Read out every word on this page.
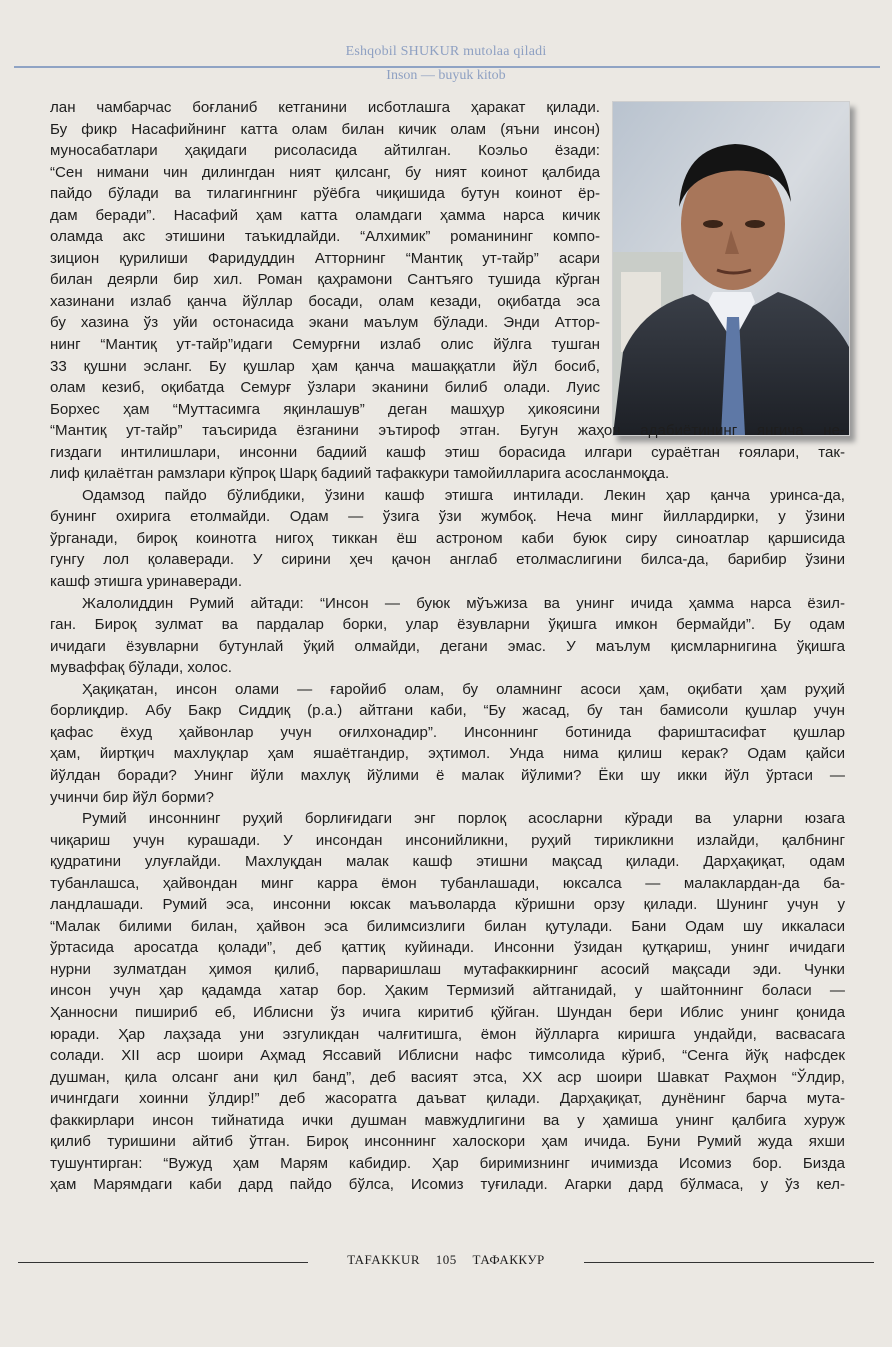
Eshqobil SHUKUR mutolaa qiladi
Inson — buyuk kitob
лан чамбарчас боғланиб кетганини исботлашга ҳаракат қилади.
Бу фикр Насафийнинг катта олам билан кичик олам (яъни инсон)
муносабатлари ҳақидаги рисоласида айтилган. Коэльо ёзади:
“Сен нимани чин дилингдан ният қилсанг, бу ният коинот қалбида
пайдо бўлади ва тилагингнинг рўёбга чиқишида бутун коинот ёр-
дам беради”. Насафий ҳам катта оламдаги ҳамма нарса кичик
оламда акс этишини таъкидлайди. “Алхимик” романининг компо-
зицион қурилиши Фаридуддин Атторнинг “Мантиқ ут-тайр” асари
билан деярли бир хил. Роман қаҳрамони Сантъяго тушида кўрган
хазинани излаб қанча йўллар босади, олам кезади, оқибатда эса
бу хазина ўз уйи остонасида экани маълум бўлади. Энди Аттор-
нинг “Мантиқ ут-тайр”идаги Семурғни излаб олис йўлга тушган
33 қушни эсланг. Бу қушлар ҳам қанча машаққатли йўл босиб,
олам кезиб, оқибатда Семурғ ўзлари эканини билиб олади. Луис
Борхес ҳам “Муттасимга яқинлашув” деган машҳур ҳикоясини
“Мантиқ ут-тайр” таъсирида ёзганини эътироф этган. Бугун жаҳон адабиётининг янгича не-
гиздаги интилишлари, инсонни бадиий кашф этиш борасида илгари сураётган ғоялари, так-
лиф қилаётган рамзлари кўпроқ Шарқ бадиий тафаккури тамойилларига асосланмоқда.
Одамзод пайдо бўлибдики, ўзини кашф этишга интилади. Лекин ҳар қанча уринса-да,
бунинг охирига етолмайди. Одам — ўзига ўзи жумбоқ. Неча минг йиллардирки, у ўзини
ўрганади, бироқ коинотга нигоҳ тиккан ёш астроном каби буюк сиру синоатлар қаршисида
гунгу лол қолаверади. У сирини ҳеч қачон англаб етолмаслигини билса-да, барибир ўзини
кашф этишга уринаверади.
Жалолиддин Румий айтади: “Инсон — буюк мўъжиза ва унинг ичида ҳамма нарса ёзил-
ган. Бироқ зулмат ва пардалар борки, улар ёзувларни ўқишга имкон бермайди”. Бу одам
ичидаги ёзувларни бутунлай ўқий олмайди, дегани эмас. У маълум қисмларнигина ўқишга
муваффақ бўлади, холос.
Ҳақиқатан, инсон олами — ғаройиб олам, бу оламнинг асоси ҳам, оқибати ҳам руҳий
борлиқдир. Абу Бакр Сиддиқ (р.а.) айтгани каби, “Бу жасад, бу тан бамисоли қушлар учун
қафас ёхуд ҳайвонлар учун оғилхонадир”. Инсоннинг ботинида фариштасифат қушлар
ҳам, йиртқич махлуқлар ҳам яшаётгандир, эҳтимол. Унда нима қилиш керак? Одам қайси
йўлдан боради? Унинг йўли махлуқ йўлими ё малак йўлими? Ёки шу икки йўл ўртаси —
учинчи бир йўл борми?
Румий инсоннинг руҳий борлиғидаги энг порлоқ асосларни кўради ва уларни юзага
чиқариш учун курашади. У инсондан инсонийликни, руҳий тирикликни излайди, қалбнинг
қудратини улуғлайди. Махлуқдан малак кашф этишни мақсад қилади. Дарҳақиқат, одам
тубанлашса, ҳайвондан минг карра ёмон тубанлашади, юксалса — малаклардан-да ба-
ландлашади. Румий эса, инсонни юксак маъволарда кўришни орзу қилади. Шунинг учун у
“Малак билими билан, ҳайвон эса билимсизлиги билан қутулади. Бани Одам шу иккаласи
ўртасида аросатда қолади”, деб қаттиқ куйинади. Инсонни ўзидан қутқариш, унинг ичидаги
нурни зулматдан ҳимоя қилиб, парваришлаш мутафаккирнинг асосий мақсади эди. Чунки
инсон учун ҳар қадамда хатар бор. Ҳаким Термизий айтганидай, у шайтоннинг боласи —
Ҳанносни пишириб еб, Иблисни ўз ичига киритиб қўйган. Шундан бери Иблис унинг қонида
юради. Ҳар лаҳзада уни эзгуликдан чалғитишга, ёмон йўлларга киришга ундайди, васвасага
солади. XII аср шоири Аҳмад Яссавий Иблисни нафс тимсолида кўриб, “Сенга йўқ нафсдек
душман, қила олсанг ани қил банд”, деб васият этса, XX аср шоири Шавкат Раҳмон “Ўлдир,
ичингдаги хоинни ўлдир!” деб жасоратга даъват қилади. Дарҳақиқат, дунёнинг барча мута-
факкирлари инсон тийнатида ички душман мавжудлигини ва у ҳамиша унинг қалбига хуруж
қилиб туришини айтиб ўтган. Бироқ инсоннинг халоскори ҳам ичида. Буни Румий жуда яхши
тушунтирган: “Вужуд ҳам Марям кабидир. Ҳар биримизнинг ичимизда Исомиз бор. Бизда
ҳам Марямдаги каби дард пайдо бўлса, Исомиз туғилади. Агарки дард бўлмаса, у ўз кел-
TAFAKKUR 105 ТАФАККУР
